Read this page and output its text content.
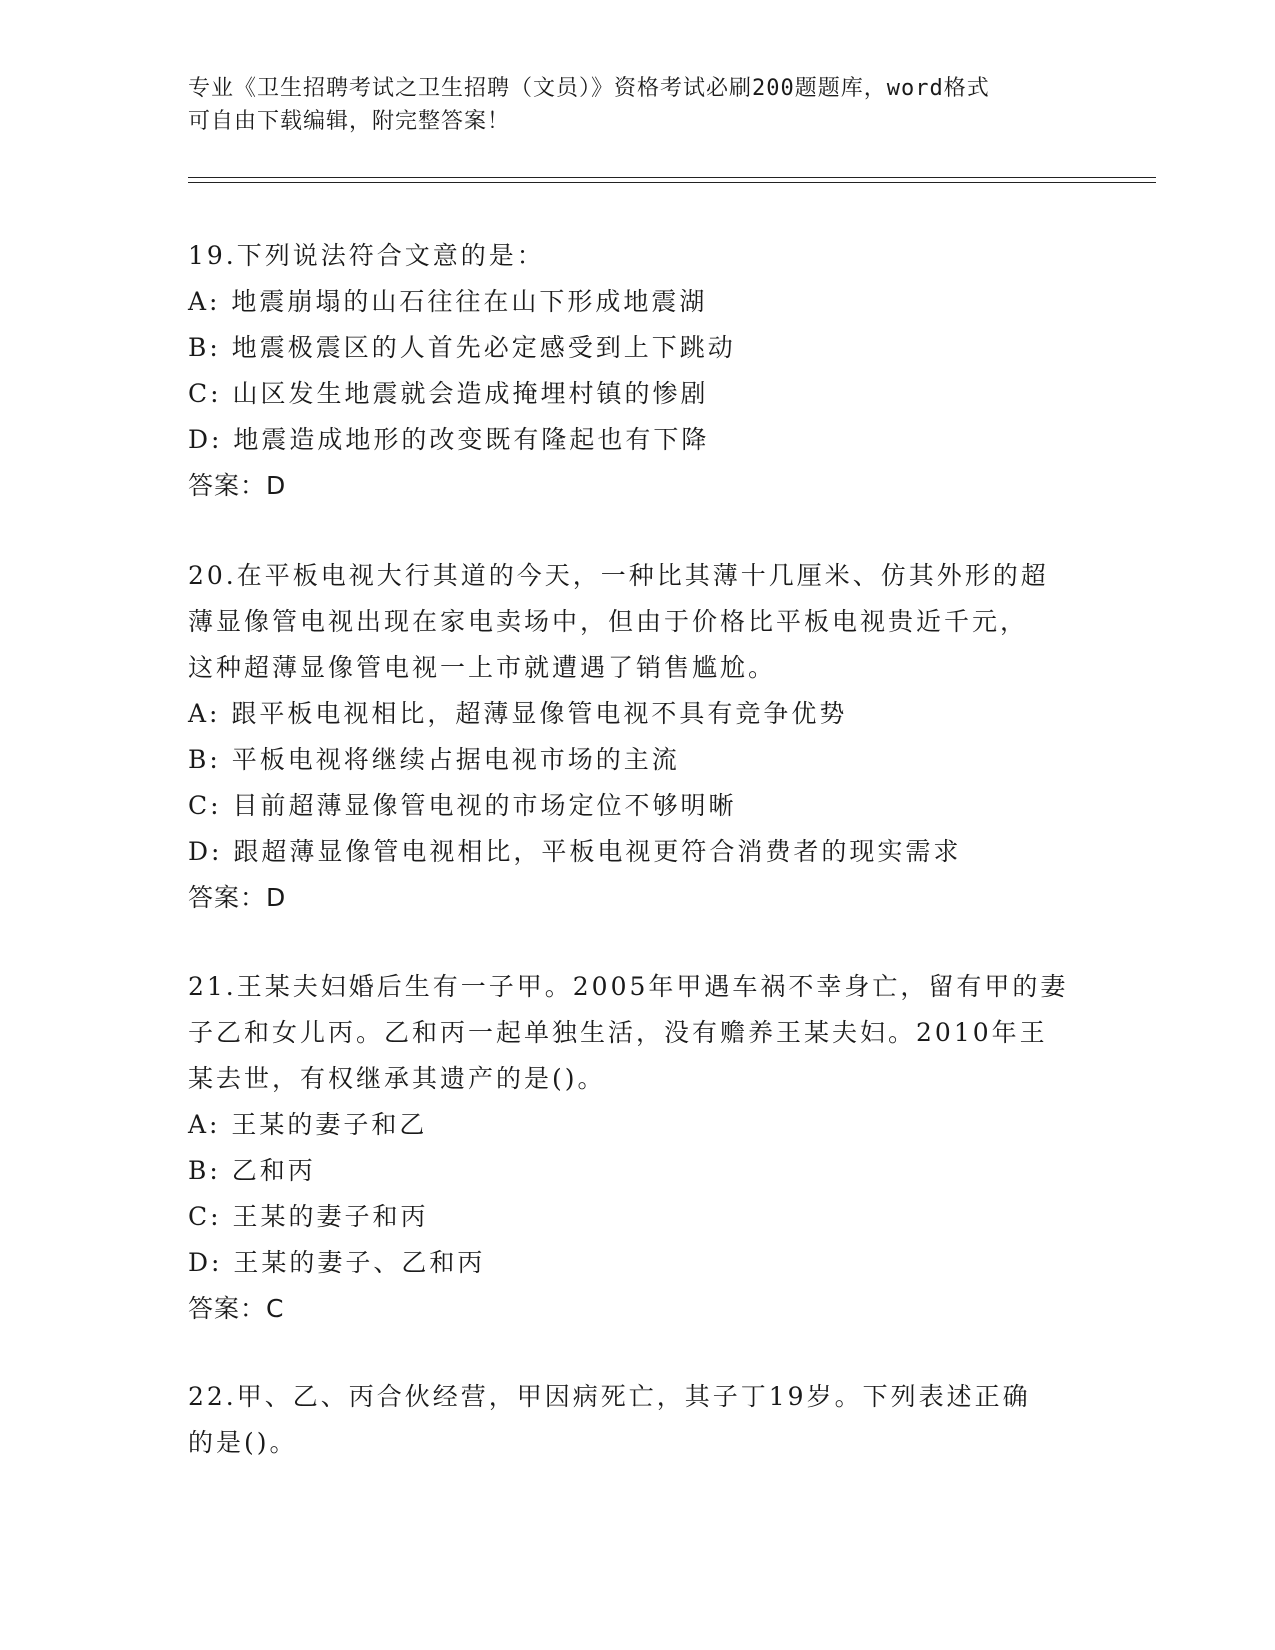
专业《卫生招聘考试之卫生招聘（文员）》资格考试必刷200题题库，word格式
可自由下载编辑，附完整答案！

19.下列说法符合文意的是：

A: 地震崩塌的山石往往在山下形成地震湖

B: 地震极震区的人首先必定感受到上下跳动

C: 山区发生地震就会造成掩埋村镇的惨剧

D: 地震造成地形的改变既有隆起也有下降

答案：D

20.在平板电视大行其道的今天，一种比其薄十几厘米、仿其外形的超

薄显像管电视出现在家电卖场中，但由于价格比平板电视贵近千元，

这种超薄显像管电视一上市就遭遇了销售尴尬。

A: 跟平板电视相比，超薄显像管电视不具有竞争优势

B: 平板电视将继续占据电视市场的主流

C: 目前超薄显像管电视的市场定位不够明晰

D: 跟超薄显像管电视相比，平板电视更符合消费者的现实需求

答案：D

21.王某夫妇婚后生有一子甲。2005年甲遇车祸不幸身亡，留有甲的妻

子乙和女儿丙。乙和丙一起单独生活，没有赡养王某夫妇。2010年王

某去世，有权继承其遗产的是()。

A: 王某的妻子和乙

B: 乙和丙

C: 王某的妻子和丙

D: 王某的妻子、乙和丙

答案：C

22.甲、乙、丙合伙经营，甲因病死亡，其子丁19岁。下列表述正确

的是()。
